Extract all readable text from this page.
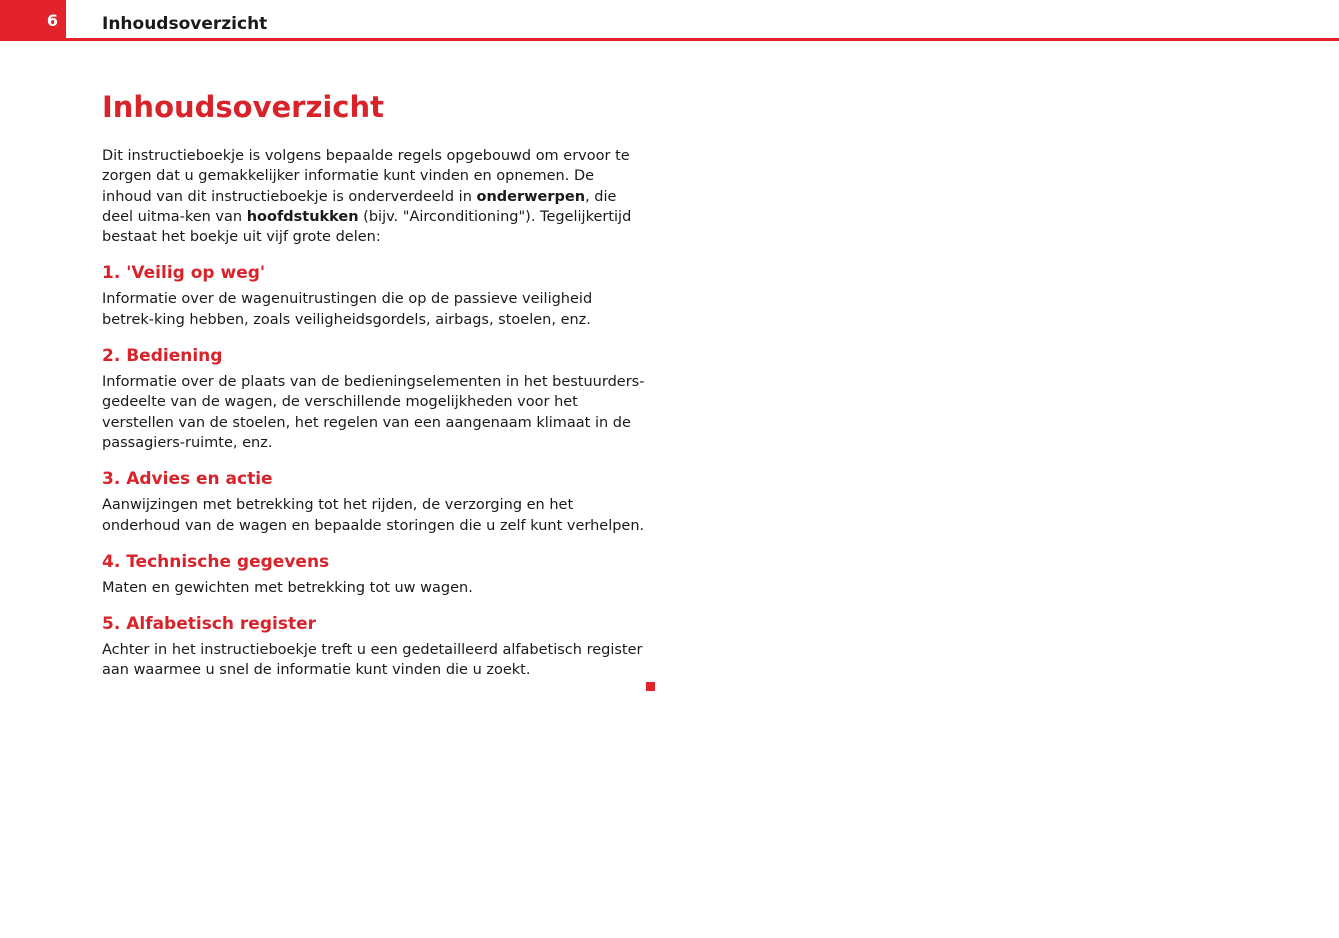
6	Inhoudsoverzicht
Inhoudsoverzicht

Dit instructieboekje is volgens bepaalde regels opgebouwd om ervoor te zorgen dat u gemakkelijker informatie kunt vinden en opnemen. De inhoud van dit instructieboekje is onderverdeeld in onderwerpen, die deel uitma-ken van hoofdstukken (bijv. "Airconditioning"). Tegelijkertijd bestaat het boekje uit vijf grote delen:

1. 'Veilig op weg'

Informatie over de wagenuitrustingen die op de passieve veiligheid betrek-king hebben, zoals veiligheidsgordels, airbags, stoelen, enz.

2. Bediening

Informatie over de plaats van de bedieningselementen in het bestuurders-gedeelte van de wagen, de verschillende mogelijkheden voor het verstellen van de stoelen, het regelen van een aangenaam klimaat in de passagiers-ruimte, enz.

3. Advies en actie

Aanwijzingen met betrekking tot het rijden, de verzorging en het onderhoud van de wagen en bepaalde storingen die u zelf kunt verhelpen.

4. Technische gegevens

Maten en gewichten met betrekking tot uw wagen.

5. Alfabetisch register

Achter in het instructieboekje treft u een gedetailleerd alfabetisch register aan waarmee u snel de informatie kunt vinden die u zoekt.
